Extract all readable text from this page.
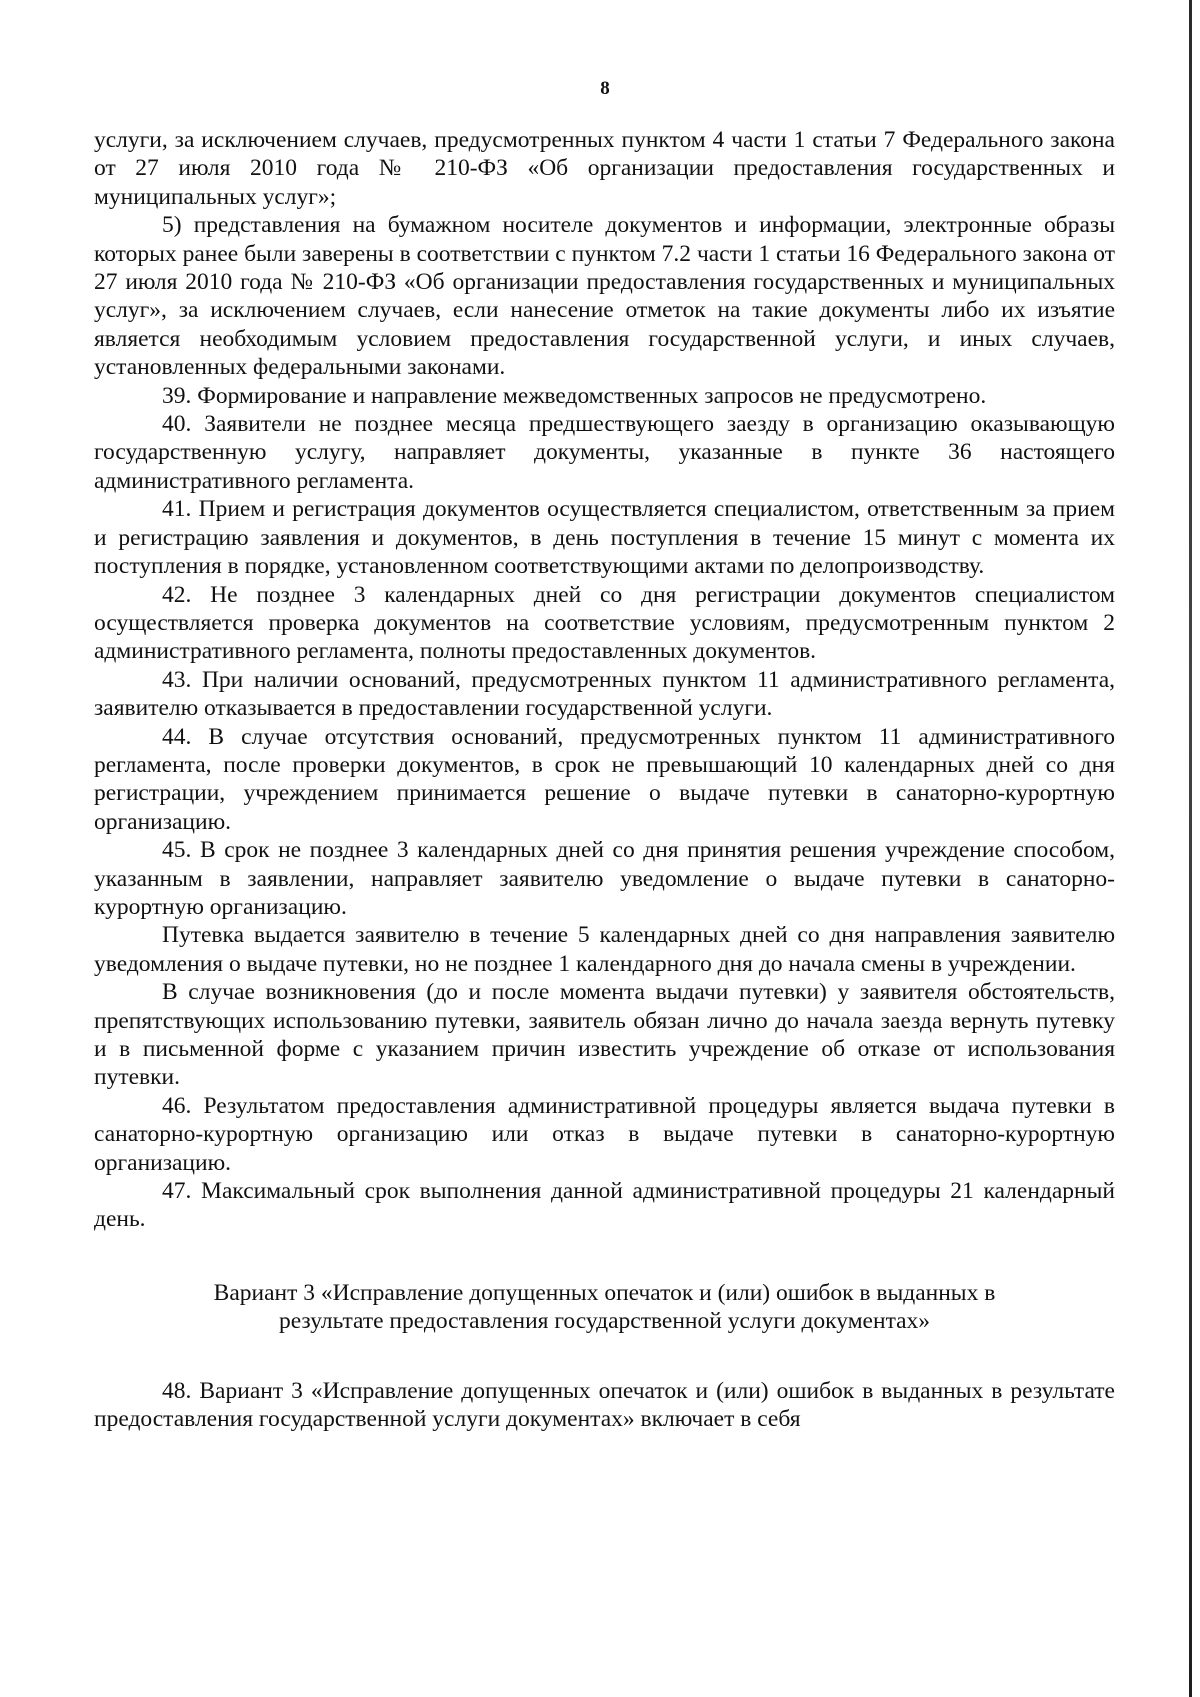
8

услуги, за исключением случаев, предусмотренных пунктом 4 части 1 статьи 7 Федерального закона от 27 июля 2010 года № 210-ФЗ «Об организации предоставления государственных и муниципальных услуг»;

5) представления на бумажном носителе документов и информации, электронные образы которых ранее были заверены в соответствии с пунктом 7.2 части 1 статьи 16 Федерального закона от 27 июля 2010 года № 210-ФЗ «Об организации предоставления государственных и муниципальных услуг», за исключением случаев, если нанесение отметок на такие документы либо их изъятие является необходимым условием предоставления государственной услуги, и иных случаев, установленных федеральными законами.

39. Формирование и направление межведомственных запросов не предусмотрено.

40. Заявители не позднее месяца предшествующего заезду в организацию оказывающую государственную услугу, направляет документы, указанные в пункте 36 настоящего административного регламента.

41. Прием и регистрация документов осуществляется специалистом, ответственным за прием и регистрацию заявления и документов, в день поступления в течение 15 минут с момента их поступления в порядке, установленном соответствующими актами по делопроизводству.

42. Не позднее 3 календарных дней со дня регистрации документов специалистом осуществляется проверка документов на соответствие условиям, предусмотренным пунктом 2 административного регламента, полноты предоставленных документов.

43. При наличии оснований, предусмотренных пунктом 11 административного регламента, заявителю отказывается в предоставлении государственной услуги.

44. В случае отсутствия оснований, предусмотренных пунктом 11 административного регламента, после проверки документов, в срок не превышающий 10 календарных дней со дня регистрации, учреждением принимается решение о выдаче путевки в санаторно-курортную организацию.

45. В срок не позднее 3 календарных дней со дня принятия решения учреждение способом, указанным в заявлении, направляет заявителю уведомление о выдаче путевки в санаторно-курортную организацию.

Путевка выдается заявителю в течение 5 календарных дней со дня направления заявителю уведомления о выдаче путевки, но не позднее 1 календарного дня до начала смены в учреждении.

В случае возникновения (до и после момента выдачи путевки) у заявителя обстоятельств, препятствующих использованию путевки, заявитель обязан лично до начала заезда вернуть путевку и в письменной форме с указанием причин известить учреждение об отказе от использования путевки.

46. Результатом предоставления административной процедуры является выдача путевки в санаторно-курортную организацию или отказ в выдаче путевки в санаторно-курортную организацию.

47. Максимальный срок выполнения данной административной процедуры 21 календарный день.

Вариант 3 «Исправление допущенных опечаток и (или) ошибок в выданных в результате предоставления государственной услуги документах»

48. Вариант 3 «Исправление допущенных опечаток и (или) ошибок в выданных в результате предоставления государственной услуги документах» включает в себя
